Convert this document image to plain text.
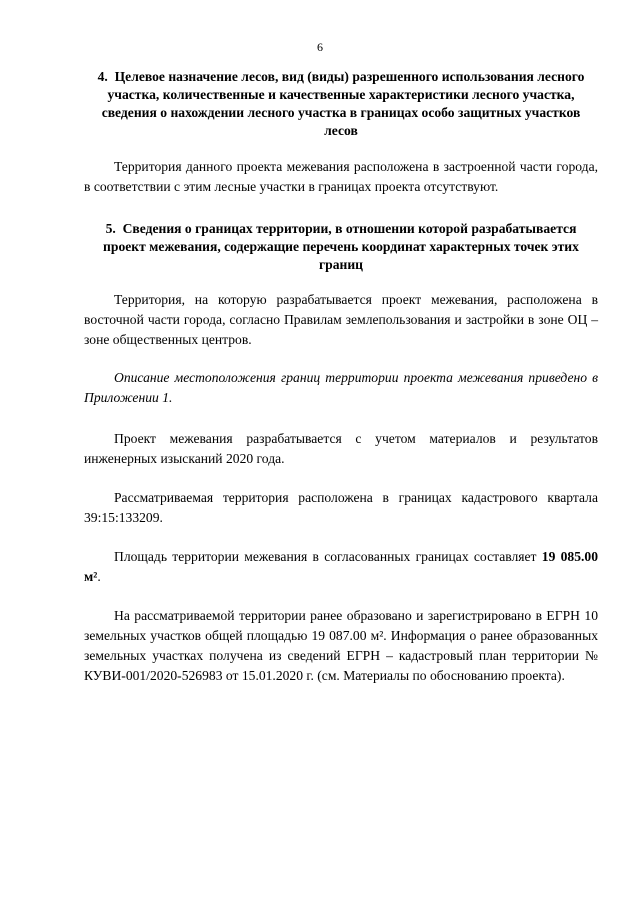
6

4. Целевое назначение лесов, вид (виды) разрешенного использования лесного участка, количественные и качественные характеристики лесного участка, сведения о нахождении лесного участка в границах особо защитных участков лесов

Территория данного проекта межевания расположена в застроенной части города, в соответствии с этим лесные участки в границах проекта отсутствуют.

5. Сведения о границах территории, в отношении которой разрабатывается проект межевания, содержащие перечень координат характерных точек этих границ

Территория, на которую разрабатывается проект межевания, расположена в восточной части города, согласно Правилам землепользования и застройки в зоне ОЦ – зоне общественных центров.

Описание местоположения границ территории проекта межевания приведено в Приложении 1.

Проект межевания разрабатывается с учетом материалов и результатов инженерных изысканий 2020 года.

Рассматриваемая территория расположена в границах кадастрового квартала 39:15:133209.

Площадь территории межевания в согласованных границах составляет 19 085.00 м².

На рассматриваемой территории ранее образовано и зарегистрировано в ЕГРН 10 земельных участков общей площадью 19 087.00 м². Информация о ранее образованных земельных участках получена из сведений ЕГРН – кадастровый план территории № КУВИ-001/2020-526983 от 15.01.2020 г. (см. Материалы по обоснованию проекта).
